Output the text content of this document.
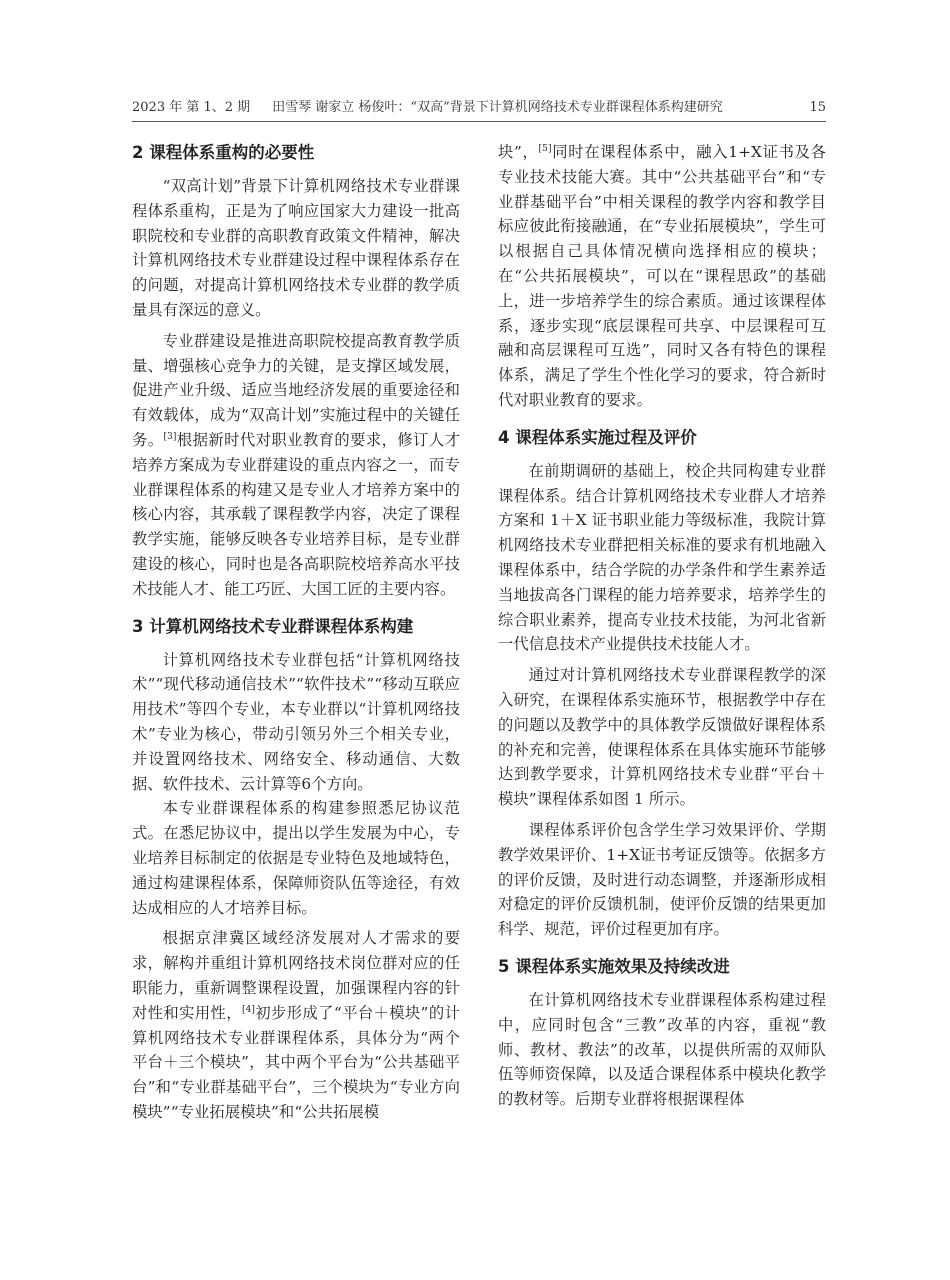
2023 年 第 1、2 期 田雪琴 谢家立 杨俊叶：“双高”背景下计算机网络技术专业群课程体系构建研究	15
2 课程体系重构的必要性

“双高计划”背景下计算机网络技术专业群课程体系重构，正是为了响应国家大力建设一批高职院校和专业群的高职教育政策文件精神，解决计算机网络技术专业群建设过程中课程体系存在的问题，对提高计算机网络技术专业群的教学质量具有深远的意义。

专业群建设是推进高职院校提高教育教学质量、增强核心竞争力的关键，是支撑区域发展，促进产业升级、适应当地经济发展的重要途径和有效载体，成为“双高计划”实施过程中的关键任务。[3]根据新时代对职业教育的要求，修订人才培养方案成为专业群建设的重点内容之一，而专业群课程体系的构建又是专业人才培养方案中的核心内容，其承载了课程教学内容，决定了课程教学实施，能够反映各专业培养目标，是专业群建设的核心，同时也是各高职院校培养高水平技术技能人才、能工巧匠、大国工匠的主要内容。

3 计算机网络技术专业群课程体系构建

计算机网络技术专业群包括“计算机网络技术”“现代移动通信技术”“软件技术”“移动互联应用技术”等四个专业，本专业群以“计算机网络技术”专业为核心，带动引领另外三个相关专业，并设置网络技术、网络安全、移动通信、大数据、软件技术、云计算等6个方向。

本专业群课程体系的构建参照悉尼协议范式。在悉尼协议中，提出以学生发展为中心，专业培养目标制定的依据是专业特色及地域特色，通过构建课程体系，保障师资队伍等途径，有效达成相应的人才培养目标。

根据京津冀区域经济发展对人才需求的要求，解构并重组计算机网络技术岗位群对应的任职能力，重新调整课程设置，加强课程内容的针对性和实用性，[4]初步形成了“平台＋模块”的计算机网络技术专业群课程体系，具体分为“两个平台＋三个模块”，其中两个平台为“公共基础平台”和“专业群基础平台”，三个模块为“专业方向模块”“专业拓展模块”和“公共拓展模

块”，[5]同时在课程体系中，融入1+X证书及各专业技术技能大赛。其中“公共基础平台”和“专业群基础平台”中相关课程的教学内容和教学目标应彼此衔接融通，在“专业拓展模块”，学生可以根据自己具体情况横向选择相应的模块；在“公共拓展模块”，可以在“课程思政”的基础上，进一步培养学生的综合素质。通过该课程体系，逐步实现“底层课程可共享、中层课程可互融和高层课程可互选”，同时又各有特色的课程体系，满足了学生个性化学习的要求，符合新时代对职业教育的要求。

4 课程体系实施过程及评价

在前期调研的基础上，校企共同构建专业群课程体系。结合计算机网络技术专业群人才培养方案和 1＋X 证书职业能力等级标准，我院计算机网络技术专业群把相关标准的要求有机地融入课程体系中，结合学院的办学条件和学生素养适当地拔高各门课程的能力培养要求，培养学生的综合职业素养，提高专业技术技能，为河北省新一代信息技术产业提供技术技能人才。

通过对计算机网络技术专业群课程教学的深入研究，在课程体系实施环节，根据教学中存在的问题以及教学中的具体教学反馈做好课程体系的补充和完善，使课程体系在具体实施环节能够达到教学要求，计算机网络技术专业群“平台＋模块”课程体系如图 1 所示。

课程体系评价包含学生学习效果评价、学期教学效果评价、1+X证书考证反馈等。依据多方的评价反馈，及时进行动态调整，并逐渐形成相对稳定的评价反馈机制，使评价反馈的结果更加科学、规范，评价过程更加有序。

5 课程体系实施效果及持续改进

在计算机网络技术专业群课程体系构建过程中，应同时包含“三教”改革的内容，重视“教师、教材、教法”的改革，以提供所需的双师队伍等师资保障，以及适合课程体系中模块化教学的教材等。后期专业群将根据课程体
